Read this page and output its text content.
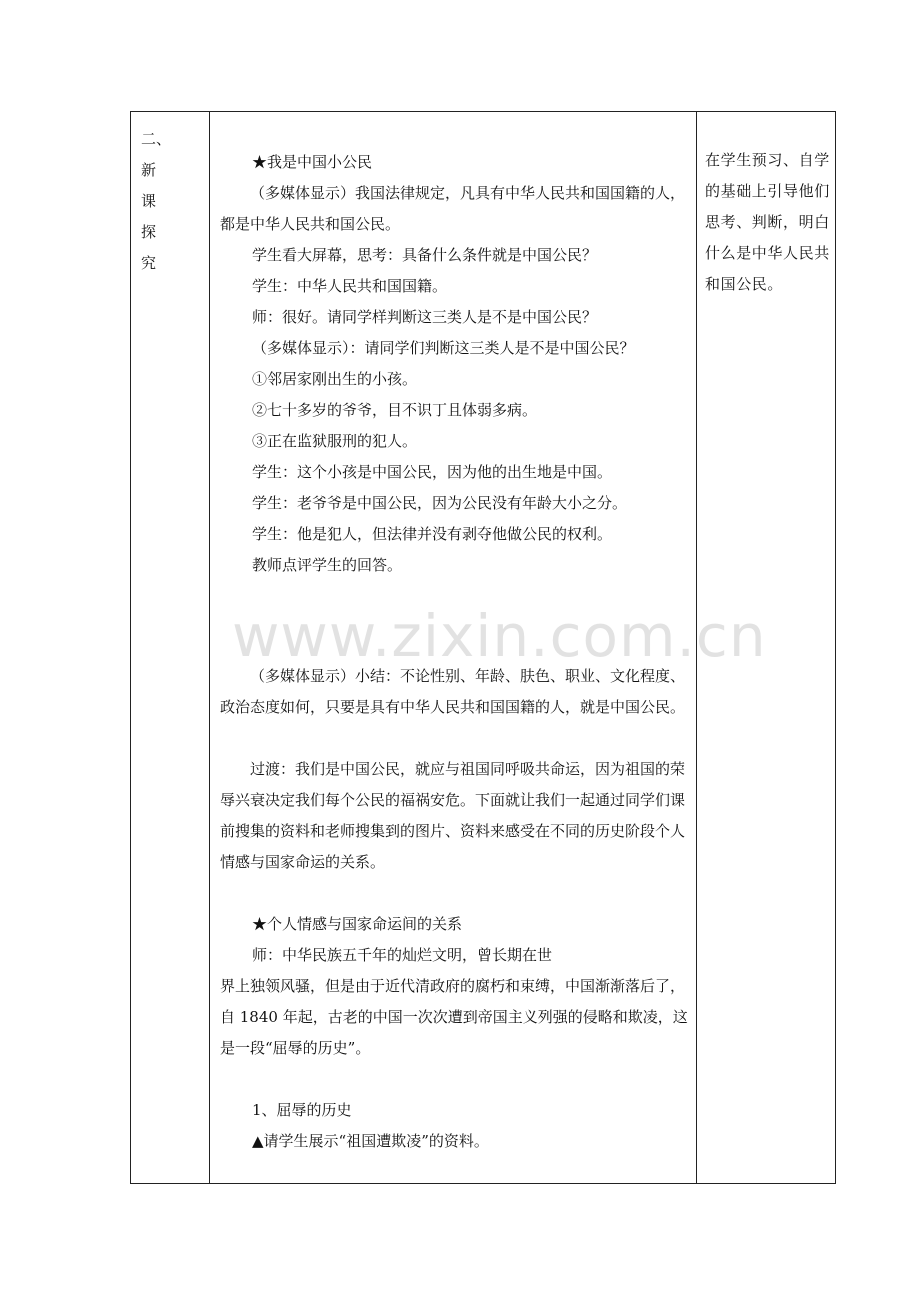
二、
新
课
探
究

★我是中国小公民

（多媒体显示）我国法律规定，凡具有中华人民共和国国籍的人，都是中华人民共和国公民。

学生看大屏幕，思考：具备什么条件就是中国公民？

学生：中华人民共和国国籍。

师：很好。请同学样判断这三类人是不是中国公民？

（多媒体显示）：请同学们判断这三类人是不是中国公民？

①邻居家刚出生的小孩。

②七十多岁的爷爷，目不识丁且体弱多病。

③正在监狱服刑的犯人。

学生：这个小孩是中国公民，因为他的出生地是中国。

学生：老爷爷是中国公民，因为公民没有年龄大小之分。

学生：他是犯人，但法律并没有剥夺他做公民的权利。

教师点评学生的回答。

（多媒体显示）小结：不论性别、年龄、肤色、职业、文化程度、政治态度如何，只要是具有中华人民共和国国籍的人，就是中国公民。

过渡：我们是中国公民，就应与祖国同呼吸共命运，因为祖国的荣辱兴衰决定我们每个公民的福祸安危。下面就让我们一起通过同学们课前搜集的资料和老师搜集到的图片、资料来感受在不同的历史阶段个人情感与国家命运的关系。

★个人情感与国家命运间的关系

师：中华民族五千年的灿烂文明，曾长期在世

界上独领风骚，但是由于近代清政府的腐朽和束缚，中国渐渐落后了，自 1840 年起，古老的中国一次次遭到帝国主义列强的侵略和欺凌，这是一段“屈辱的历史”。

1、屈辱的历史

▲请学生展示“祖国遭欺凌”的资料。

在学生预习、自学的基础上引导他们思考、判断，明白什么是中华人民共和国公民。
www.zixin.com.cn
